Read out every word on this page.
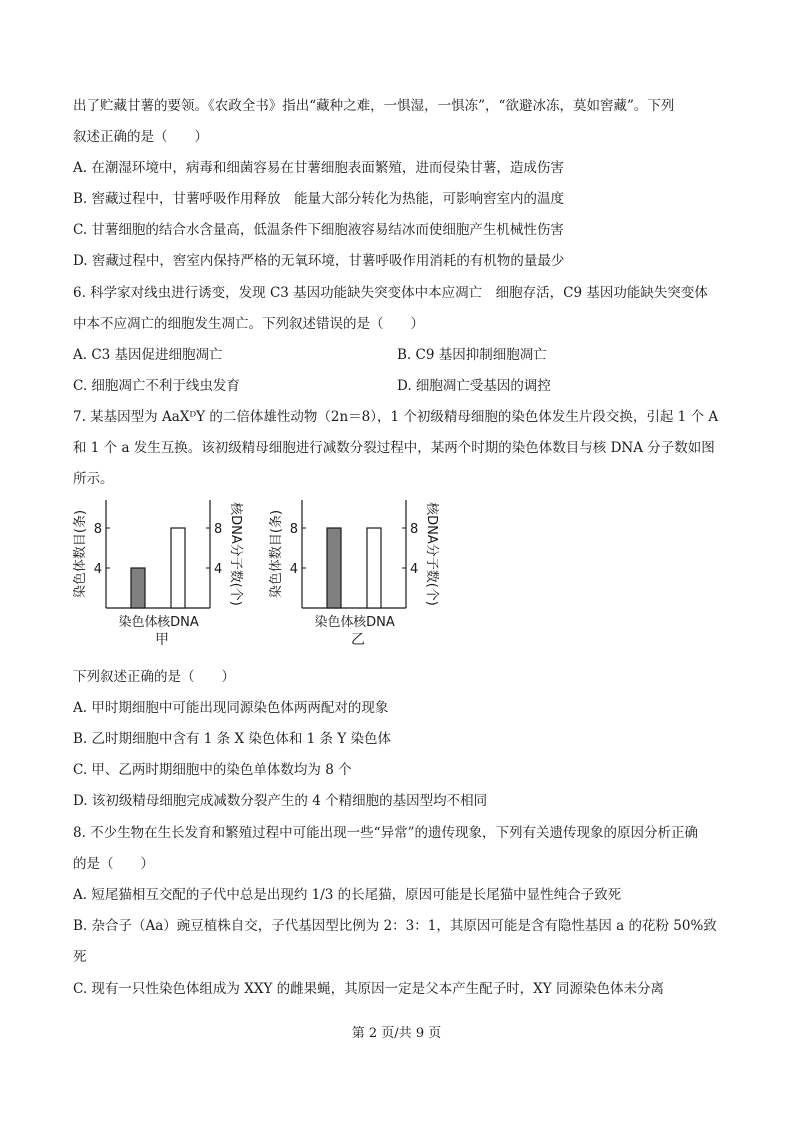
出了贮藏甘薯的要领。《农政全书》指出“藏种之难，一惧湿，一惧冻”，“欲避冰冻，莫如窖藏”。下列
叙述正确的是（　　）
A. 在潮湿环境中，病毒和细菌容易在甘薯细胞表面繁殖，进而侵染甘薯，造成伤害
B. 窖藏过程中，甘薯呼吸作用释放　能量大部分转化为热能，可影响窖室内的温度
C. 甘薯细胞的结合水含量高，低温条件下细胞液容易结冰而使细胞产生机械性伤害
D. 窖藏过程中，窖室内保持严格的无氧环境，甘薯呼吸作用消耗的有机物的量最少
6. 科学家对线虫进行诱变，发现 C3 基因功能缺失突变体中本应凋亡　细胞存活，C9 基因功能缺失突变体
中本不应凋亡的细胞发生凋亡。下列叙述错误的是（　　）
A. C3 基因促进细胞凋亡	B. C9 基因抑制细胞凋亡
C. 细胞凋亡不利于线虫发育	D. 细胞凋亡受基因的调控
7. 某基因型为 AaXᴰY 的二倍体雄性动物（2n＝8），1 个初级精母细胞的染色体发生片段交换，引起 1 个 A
和 1 个 a 发生互换。该初级精母细胞进行减数分裂过程中，某两个时期的染色体数目与核 DNA 分子数如图
所示。
4	4
8	8
染色体 核DNA
染色体数目(条)	核DNA分子数(个)
甲
4	4
8	8
染色体 核DNA
染色体数目(条)	核DNA分子数(个)
乙
下列叙述正确的是（　　）
A. 甲时期细胞中可能出现同源染色体两两配对的现象
B. 乙时期细胞中含有 1 条 X 染色体和 1 条 Y 染色体
C. 甲、乙两时期细胞中的染色单体数均为 8 个
D. 该初级精母细胞完成减数分裂产生的 4 个精细胞的基因型均不相同
8. 不少生物在生长发育和繁殖过程中可能出现一些“异常”的遗传现象，下列有关遗传现象的原因分析正确
的是（　　）
A. 短尾猫相互交配的子代中总是出现约 1/3 的长尾猫，原因可能是长尾猫中显性纯合子致死
B. 杂合子（Aa）豌豆植株自交，子代基因型比例为 2：3：1，其原因可能是含有隐性基因 a 的花粉 50%致
死
C. 现有一只性染色体组成为 XXY 的雌果蝇，其原因一定是父本产生配子时，XY 同源染色体未分离
第 2 页/共 9 页
